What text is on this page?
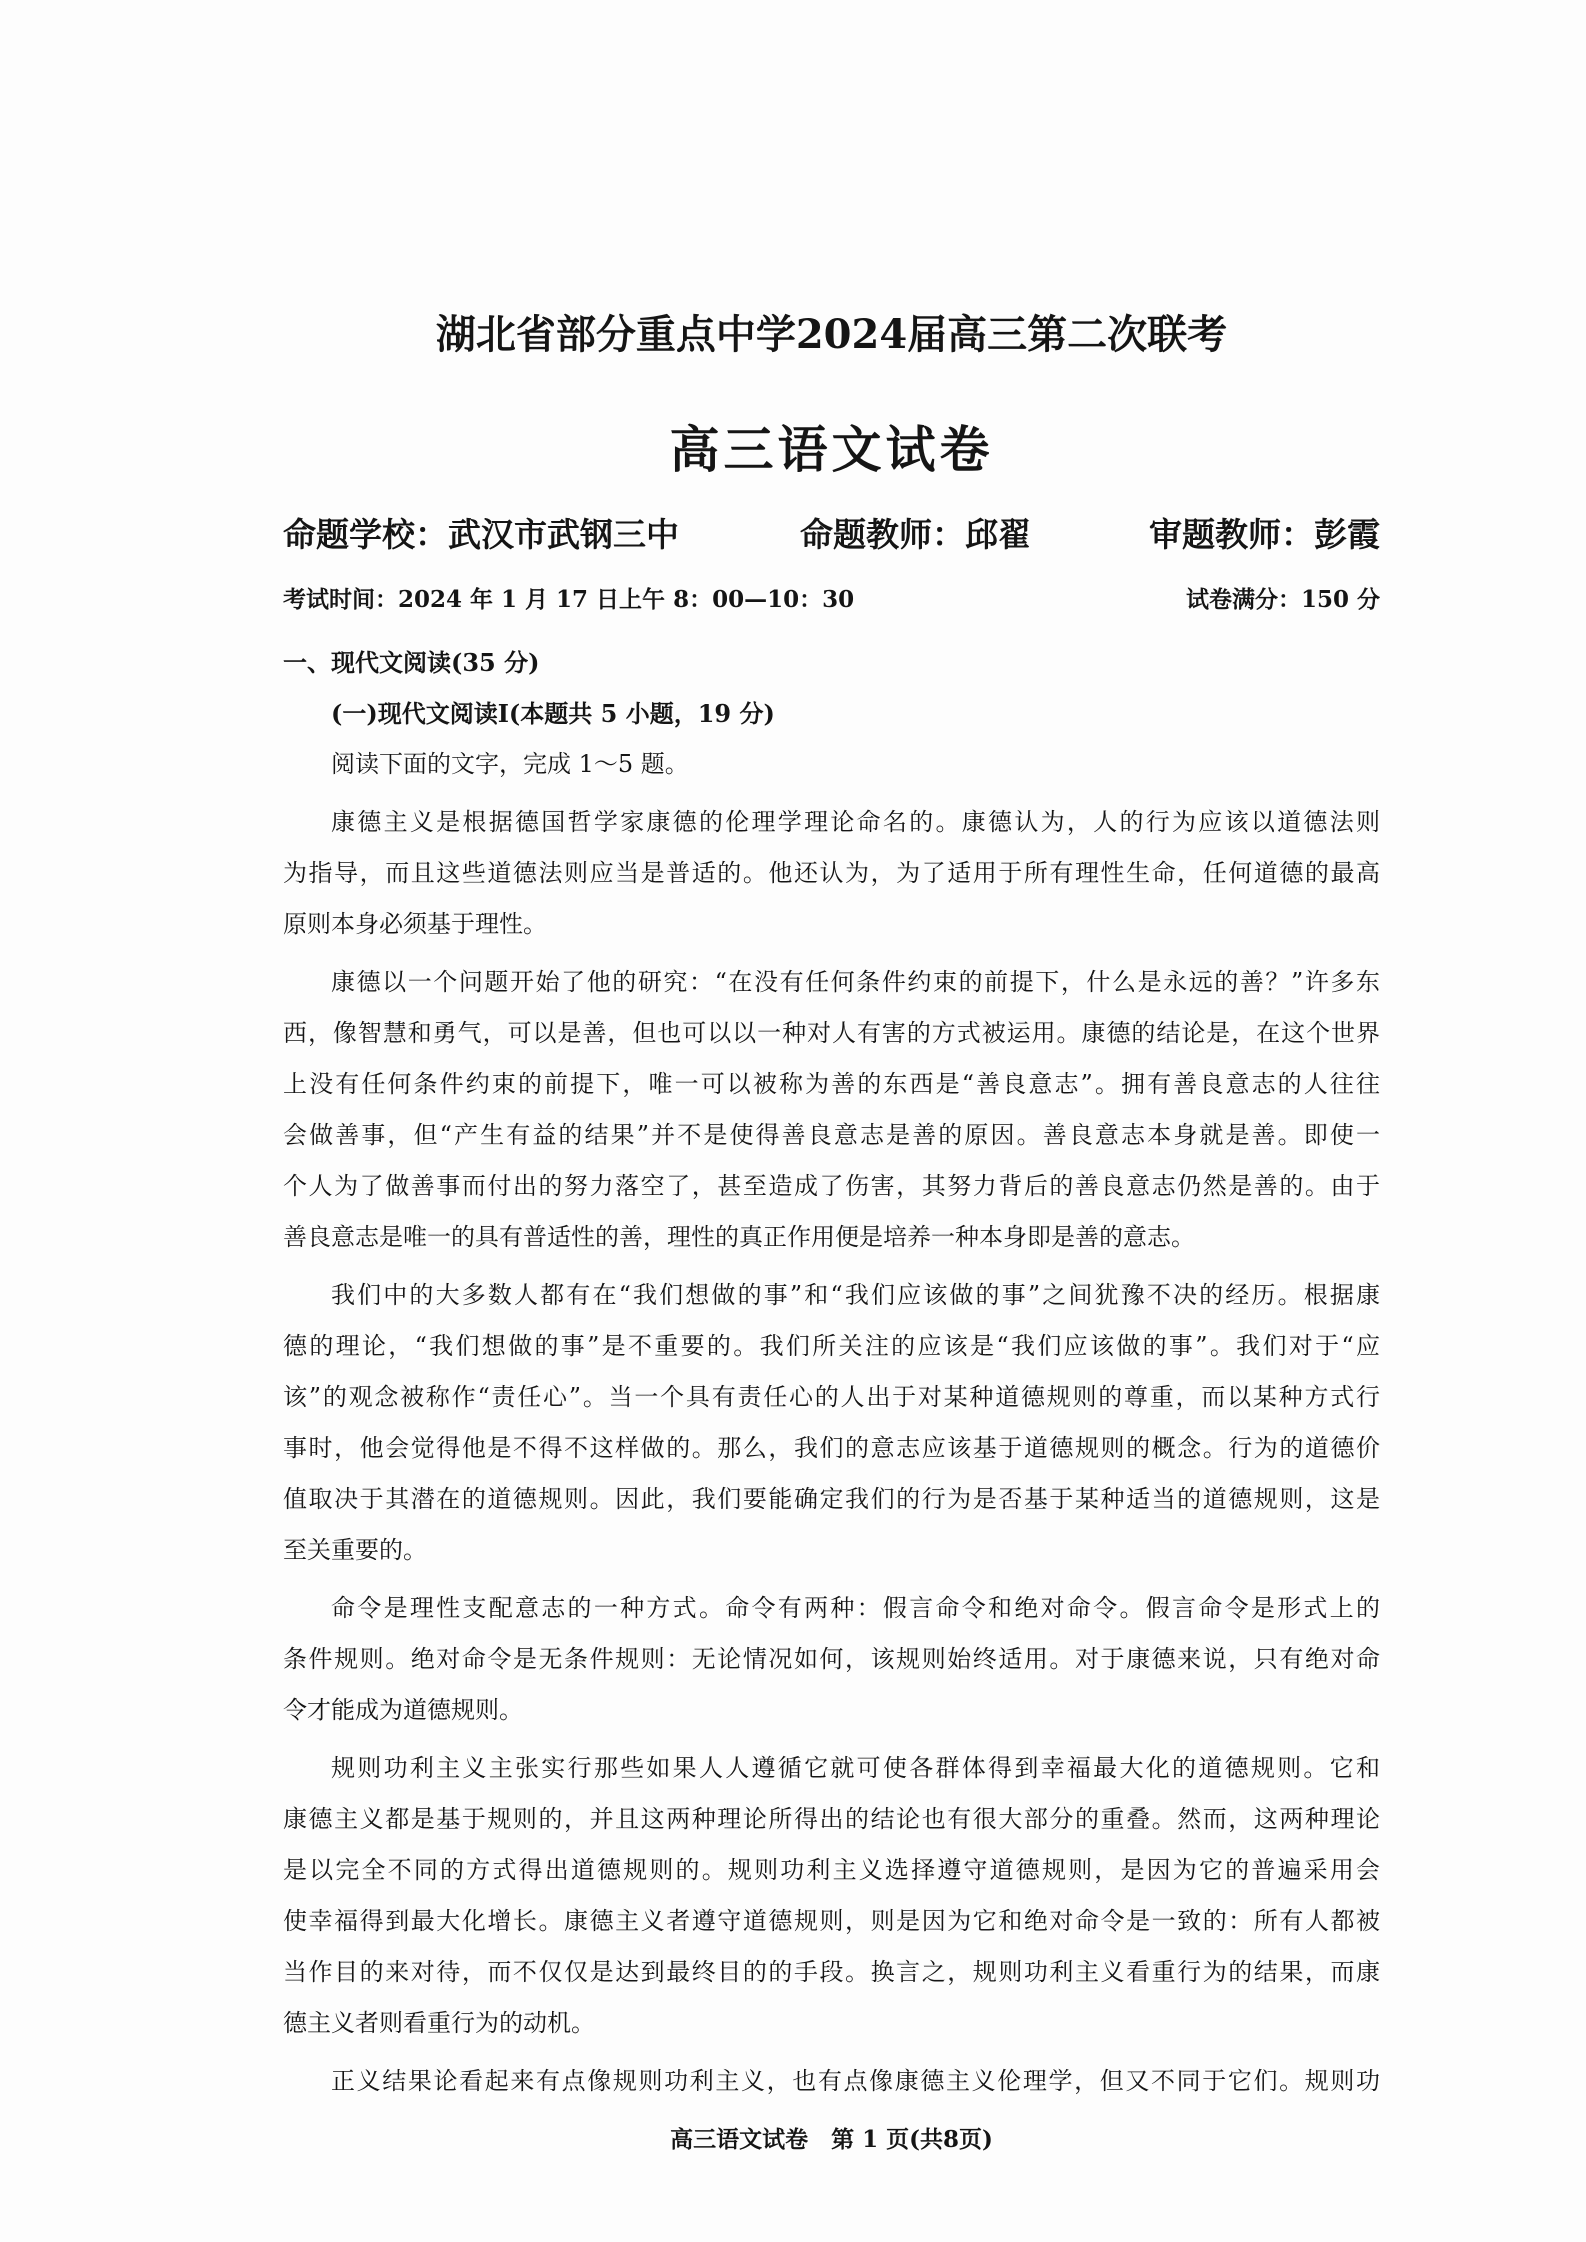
湖北省部分重点中学2024届高三第二次联考
高三语文试卷
命题学校：武汉市武钢三中	命题教师：邱翟	审题教师：彭霞
考试时间：2024 年 1 月 17 日上午 8：00—10：30	试卷满分：150 分
一、现代文阅读(35 分)
(一)现代文阅读Ⅰ(本题共 5 小题，19 分)
阅读下面的文字，完成 1～5 题。
康德主义是根据德国哲学家康德的伦理学理论命名的。康德认为，人的行为应该以道德法则
为指导，而且这些道德法则应当是普适的。他还认为，为了适用于所有理性生命，任何道德的最高
原则本身必须基于理性。
康德以一个问题开始了他的研究：“在没有任何条件约束的前提下，什么是永远的善？”许多东
西，像智慧和勇气，可以是善，但也可以以一种对人有害的方式被运用。康德的结论是，在这个世界
上没有任何条件约束的前提下，唯一可以被称为善的东西是“善良意志”。拥有善良意志的人往往
会做善事，但“产生有益的结果”并不是使得善良意志是善的原因。善良意志本身就是善。即使一
个人为了做善事而付出的努力落空了，甚至造成了伤害，其努力背后的善良意志仍然是善的。由于
善良意志是唯一的具有普适性的善，理性的真正作用便是培养一种本身即是善的意志。
我们中的大多数人都有在“我们想做的事”和“我们应该做的事”之间犹豫不决的经历。根据康
德的理论，“我们想做的事”是不重要的。我们所关注的应该是“我们应该做的事”。我们对于“应
该”的观念被称作“责任心”。当一个具有责任心的人出于对某种道德规则的尊重，而以某种方式行
事时，他会觉得他是不得不这样做的。那么，我们的意志应该基于道德规则的概念。行为的道德价
值取决于其潜在的道德规则。因此，我们要能确定我们的行为是否基于某种适当的道德规则，这是
至关重要的。
命令是理性支配意志的一种方式。命令有两种：假言命令和绝对命令。假言命令是形式上的
条件规则。绝对命令是无条件规则：无论情况如何，该规则始终适用。对于康德来说，只有绝对命
令才能成为道德规则。
规则功利主义主张实行那些如果人人遵循它就可使各群体得到幸福最大化的道德规则。它和
康德主义都是基于规则的，并且这两种理论所得出的结论也有很大部分的重叠。然而，这两种理论
是以完全不同的方式得出道德规则的。规则功利主义选择遵守道德规则，是因为它的普遍采用会
使幸福得到最大化增长。康德主义者遵守道德规则，则是因为它和绝对命令是一致的：所有人都被
当作目的来对待，而不仅仅是达到最终目的的手段。换言之，规则功利主义看重行为的结果，而康
德主义者则看重行为的动机。
正义结果论看起来有点像规则功利主义，也有点像康德主义伦理学，但又不同于它们。规则功
高三语文试卷　第 1 页(共8页)
